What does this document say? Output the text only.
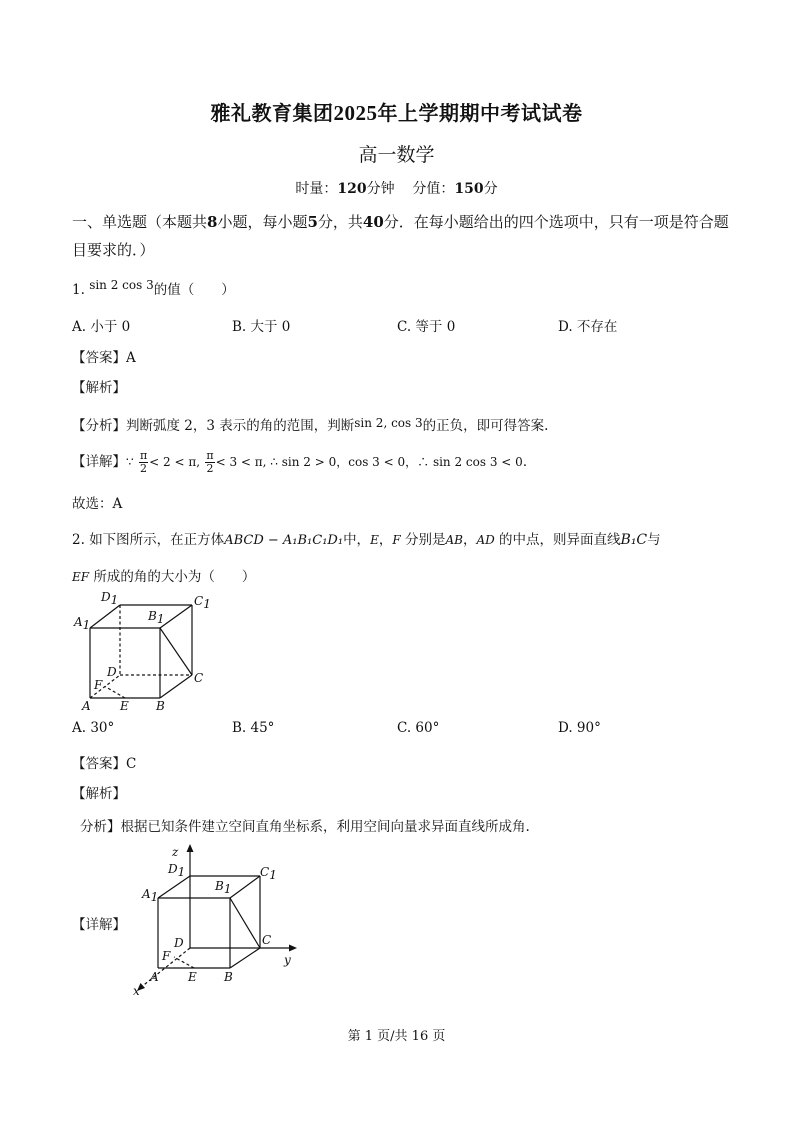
雅礼教育集团2025年上学期期中考试试卷
高一数学
时量：120分钟 分值：150分
一、单选题（本题共8小题，每小题5分，共40分．在每小题给出的四个选项中，只有一项是符合题目要求的．）
1. sin 2 cos 3的值（　　）
A. 小于 0	B. 大于 0	C. 等于 0	D. 不存在
【答案】A
【解析】
【分析】判断弧度 2，3 表示的角的范围，判断sin 2, cos 3的正负，即可得答案.
【详解】∵ $\frac{\pi}{2} < 2 < \pi$, $\frac{\pi}{2} < 3 < \pi$, ∴ sin 2 > 0，cos 3 < 0，∴ sin 2 cos 3 < 0．
故选：A
2. 如下图所示，在正方体ABCD − A₁B₁C₁D₁中，E，F 分别是AB，AD 的中点，则异面直线B₁C与
EF 所成的角的大小为（　　）
D1	C1
A1
B1
D	C
F
A E B
A. 30°	B. 45°	C. 60°	D. 90°
【答案】C
【解析】
分析】根据已知条件建立空间直角坐标系，利用空间向量求异面直线所成角.
【详解】
z
y
x
D1	C1
A1
B1
D	C
F
A E B
第 1 页/共 16 页
